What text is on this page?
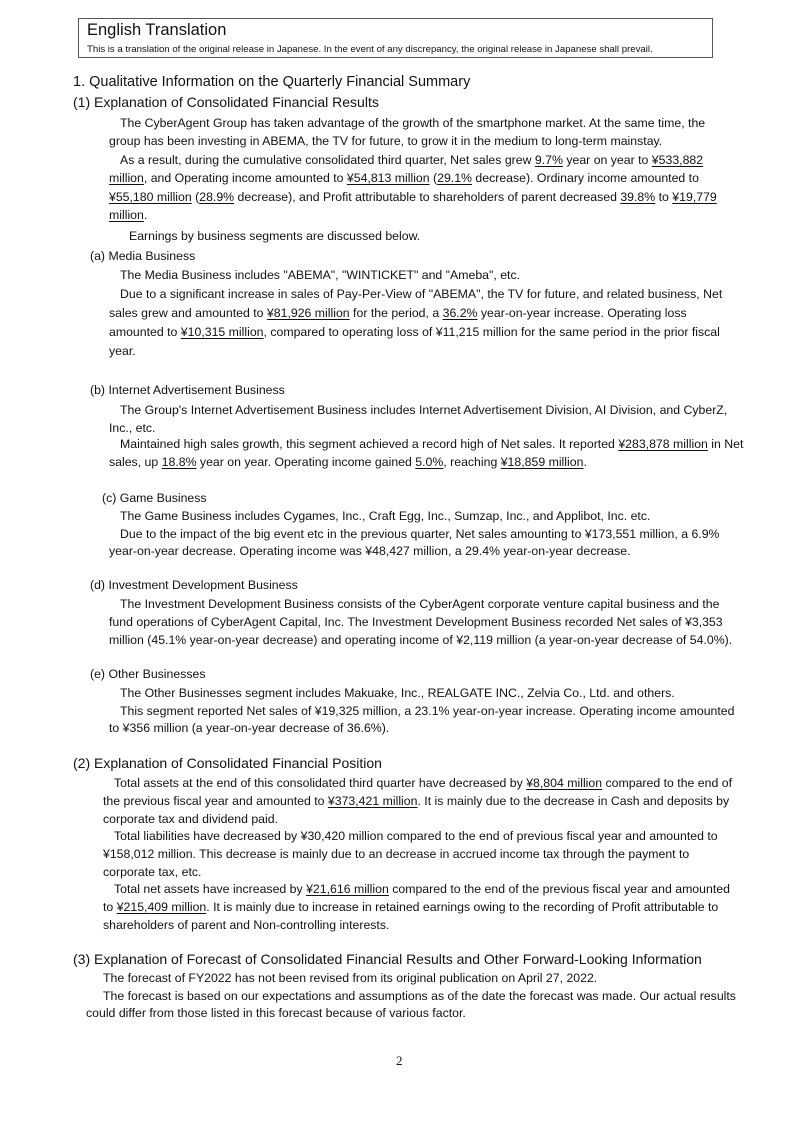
English Translation
This is a translation of the original release in Japanese. In the event of any discrepancy, the original release in Japanese shall prevail.
1. Qualitative Information on the Quarterly Financial Summary
(1) Explanation of Consolidated Financial Results
The CyberAgent Group has taken advantage of the growth of the smartphone market. At the same time, the
group has been investing in ABEMA, the TV for future, to grow it in the medium to long-term mainstay.
As a result, during the cumulative consolidated third quarter, Net sales grew 9.7% year on year to ¥533,882
million, and Operating income amounted to ¥54,813 million (29.1% decrease). Ordinary income amounted to
¥55,180 million (28.9% decrease), and Profit attributable to shareholders of parent decreased 39.8% to ¥19,779
million.
Earnings by business segments are discussed below.
(a) Media Business
The Media Business includes "ABEMA", "WINTICKET" and "Ameba", etc.
Due to a significant increase in sales of Pay-Per-View of "ABEMA", the TV for future, and related business, Net
sales grew and amounted to ¥81,926 million for the period, a 36.2% year-on-year increase. Operating loss
amounted to ¥10,315 million, compared to operating loss of ¥11,215 million for the same period in the prior fiscal
year.
(b) Internet Advertisement Business
The Group's Internet Advertisement Business includes Internet Advertisement Division, AI Division, and CyberZ,
Inc., etc.
Maintained high sales growth, this segment achieved a record high of Net sales. It reported ¥283,878 million in Net
sales, up 18.8% year on year. Operating income gained 5.0%, reaching ¥18,859 million.
(c) Game Business
The Game Business includes Cygames, Inc., Craft Egg, Inc., Sumzap, Inc., and Applibot, Inc. etc.
Due to the impact of the big event etc in the previous quarter, Net sales amounting to ¥173,551 million, a 6.9%
year-on-year decrease. Operating income was ¥48,427 million, a 29.4% year-on-year decrease.
(d) Investment Development Business
The Investment Development Business consists of the CyberAgent corporate venture capital business and the
fund operations of CyberAgent Capital, Inc. The Investment Development Business recorded Net sales of ¥3,353
million (45.1% year-on-year decrease) and operating income of ¥2,119 million (a year-on-year decrease of 54.0%).
(e) Other Businesses
The Other Businesses segment includes Makuake, Inc., REALGATE INC., Zelvia Co., Ltd. and others.
This segment reported Net sales of ¥19,325 million, a 23.1% year-on-year increase. Operating income amounted
to ¥356 million (a year-on-year decrease of 36.6%).
(2) Explanation of Consolidated Financial Position
Total assets at the end of this consolidated third quarter have decreased by ¥8,804 million compared to the end of
the previous fiscal year and amounted to ¥373,421 million. It is mainly due to the decrease in Cash and deposits by
corporate tax and dividend paid.
Total liabilities have decreased by ¥30,420 million compared to the end of previous fiscal year and amounted to
¥158,012 million. This decrease is mainly due to an decrease in accrued income tax through the payment to
corporate tax, etc.
Total net assets have increased by ¥21,616 million compared to the end of the previous fiscal year and amounted
to ¥215,409 million. It is mainly due to increase in retained earnings owing to the recording of Profit attributable to
shareholders of parent and Non-controlling interests.
(3) Explanation of Forecast of Consolidated Financial Results and Other Forward-Looking Information
The forecast of FY2022 has not been revised from its original publication on April 27, 2022.
The forecast is based on our expectations and assumptions as of the date the forecast was made. Our actual results
could differ from those listed in this forecast because of various factor.
2
